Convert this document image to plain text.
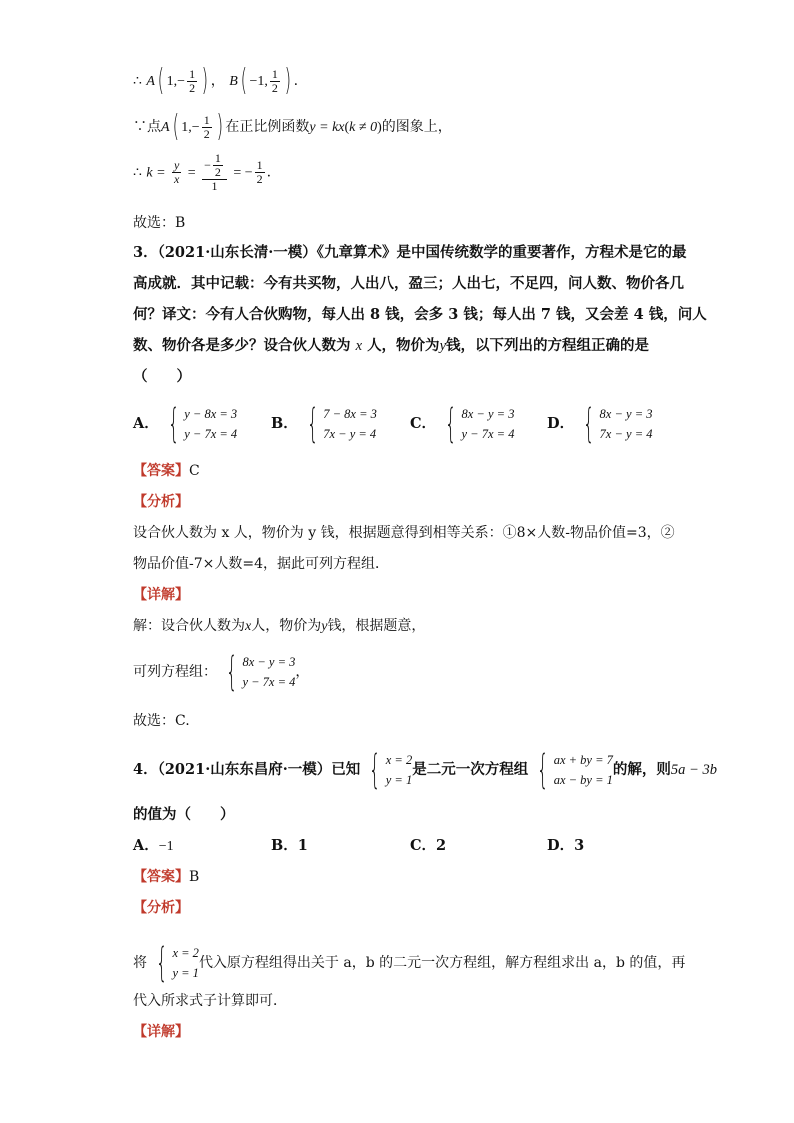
∴ A( $1,- \frac{1}{2}$ ) ， B( −1, $\frac{1}{2}$ ) .
∵点A( $1,- \frac{1}{2}$ ) 在正比例函数y = kx(k ≠ 0)的图象上，
∴ $k = \frac{y}{x} = \frac{- \frac{1}{2}}{1}$ = − $\frac{1}{2}$ .
故选：B
3．（2021·山东长清·一模）《九章算术》是中国传统数学的重要著作，方程术是它的最
高成就．其中记载：今有共买物，人出八，盈三；人出七，不足四，问人数、物价各几
何？译文：今有人合伙购物，每人出 8 钱，会多 3 钱；每人出 7 钱，又会差 4 钱，问人
数、物价各是多少？设合伙人数为 x 人，物价为y钱，以下列出的方程组正确的是
（　　）
A． { y − 8x = 3
y − 7x = 4
B． { 7 − 8x = 3
7x − y = 4
C． { 8x − y = 3
y − 7x = 4
D． { 8x − y = 3
7x − y = 4
【答案】C
【分析】
设合伙人数为 x 人，物价为 y 钱，根据题意得到相等关系：①8×人数-物品价值=3，②
物品价值-7×人数=4，据此可列方程组．
【详解】
解：设合伙人数为x人，物价为y钱，根据题意，
可列方程组： { 8x − y = 3
y − 7x = 4
，
故选：C.
4．（2021·山东东昌府·一模）已知 { x = 2
y = 1
是二元一次方程组 { ax + by = 7
ax − by = 1
的解，则5a − 3b
的值为（　　）
A．−1	B．1	C．2	D．3
【答案】B
【分析】
将 { x = 2
y = 1
代入原方程组得出关于 a，b 的二元一次方程组，解方程组求出 a，b 的值，再
代入所求式子计算即可．
【详解】
